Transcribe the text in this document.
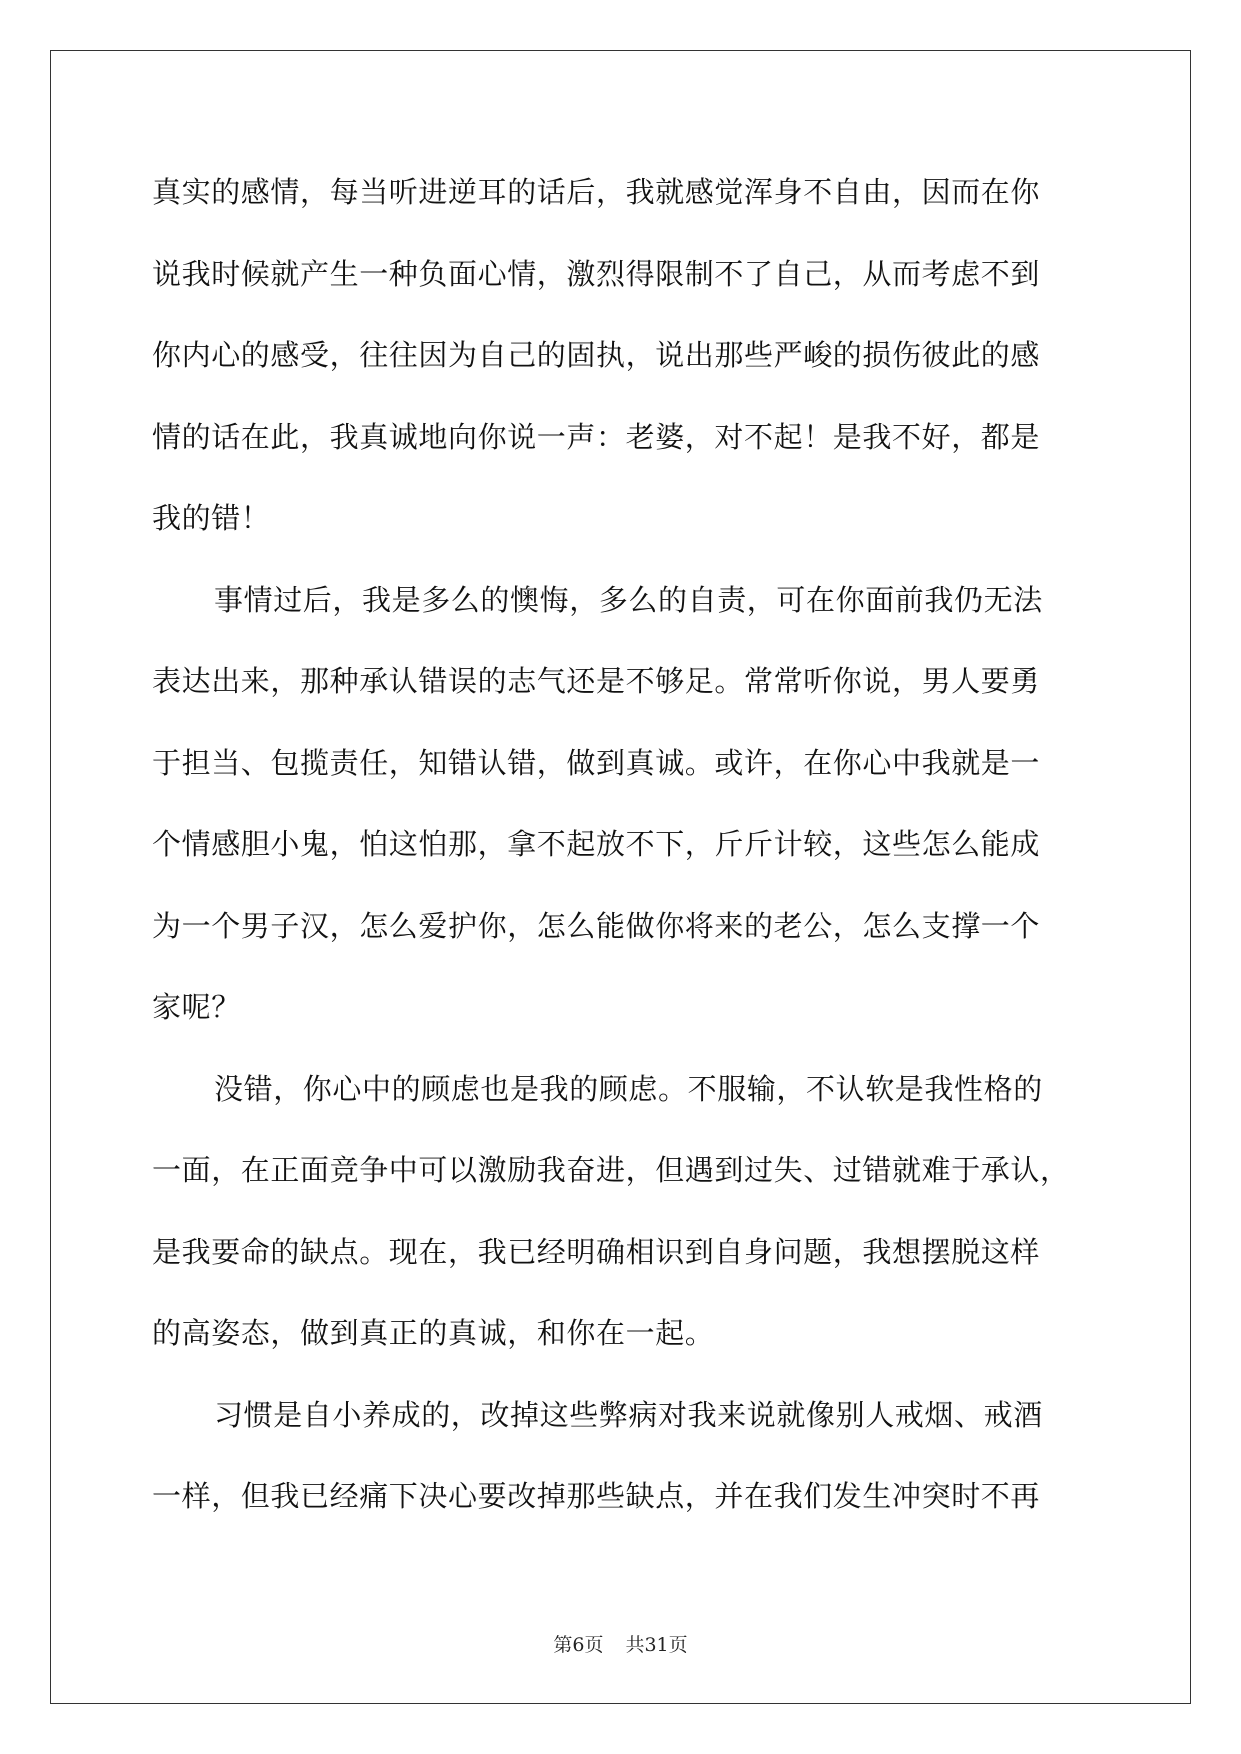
真实的感情，每当听进逆耳的话后，我就感觉浑身不自由，因而在你
说我时候就产生一种负面心情，激烈得限制不了自己，从而考虑不到
你内心的感受，往往因为自己的固执，说出那些严峻的损伤彼此的感
情的话在此，我真诚地向你说一声：老婆，对不起！是我不好，都是
我的错！
事情过后，我是多么的懊悔，多么的自责，可在你面前我仍无法
表达出来，那种承认错误的志气还是不够足。常常听你说，男人要勇
于担当、包揽责任，知错认错，做到真诚。或许，在你心中我就是一
个情感胆小鬼，怕这怕那，拿不起放不下，斤斤计较，这些怎么能成
为一个男子汉，怎么爱护你，怎么能做你将来的老公，怎么支撑一个
家呢？
没错，你心中的顾虑也是我的顾虑。不服输，不认软是我性格的
一面，在正面竞争中可以激励我奋进，但遇到过失、过错就难于承认，
是我要命的缺点。现在，我已经明确相识到自身问题，我想摆脱这样
的高姿态，做到真正的真诚，和你在一起。
习惯是自小养成的，改掉这些弊病对我来说就像别人戒烟、戒酒
一样，但我已经痛下决心要改掉那些缺点，并在我们发生冲突时不再
第6页 共31页
